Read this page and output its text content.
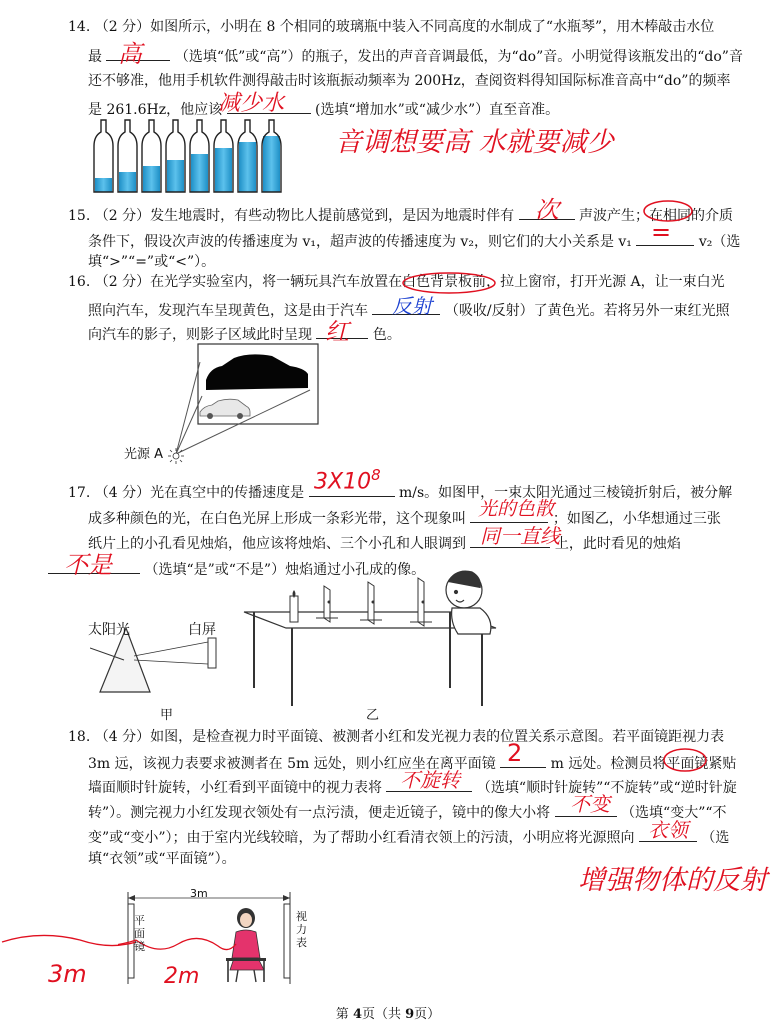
14. （2 分）如图所示，小明在 8 个相同的玻璃瓶中装入不同高度的水制成了“水瓶琴”，用木棒敲击水位
最	（选填“低”或“高”）的瓶子，发出的声音音调最低，为“do”音。小明觉得该瓶发出的“do”音
高
还不够准，他用手机软件测得敲击时该瓶振动频率为 200Hz，查阅资料得知国际标准音高中“do”的频率
是 261.6Hz，他应该	(选填“增加水”或“减少水”）直至音准。
减少水
音调想要高 水就要减少
15. （2 分）发生地震时，有些动物比人提前感觉到，是因为地震时伴有	声波产生；在相同的介质
次
条件下，假设次声波的传播速度为 v₁，超声波的传播速度为 v₂，则它们的大小关系是 v₁	v₂（选
=
填“>”“=”或“<”）。
16. （2 分）在光学实验室内，将一辆玩具汽车放置在白色背景板前，拉上窗帘，打开光源 A，让一束白光
照向汽车，发现汽车呈现黄色，这是由于汽车	（吸收/反射）了黄色光。若将另外一束红光照
反射
向汽车的影子，则影子区域此时呈现	色。
红
光源 A
17. （4 分）光在真空中的传播速度是	m/s。如图甲，一束太阳光通过三棱镜折射后，被分解
$3X10^8$
成多种颜色的光，在白色光屏上形成一条彩光带，这个现象叫	；如图乙，小华想通过三张
光的色散
纸片上的小孔看见烛焰，他应该将烛焰、三个小孔和人眼调到	上，此时看见的烛焰
同一直线
（选填“是”或“不是”）烛焰通过小孔成的像。
不是
太阳光	白屏
甲	乙
18. （4 分）如图，是检查视力时平面镜、被测者小红和发光视力表的位置关系示意图。若平面镜距视力表
3m 远，该视力表要求被测者在 5m 远处，则小红应坐在离平面镜	m 远处。检测员将平面镜紧贴
2
墙面顺时针旋转，小红看到平面镜中的视力表将	（选填“顺时针旋转”“不旋转”或“逆时针旋
不旋转
转”）。测完视力小红发现衣领处有一点污渍，便走近镜子，镜中的像大小将	（选填“变大”“不
不变
变”或“变小”）；由于室内光线较暗，为了帮助小红看清衣领上的污渍，小明应将光源照向	（选
衣领
填“衣领”或“平面镜”）。
增强物体的反射
3m
平面镜
视力表
3m	2m
第 4页（共 9页）
